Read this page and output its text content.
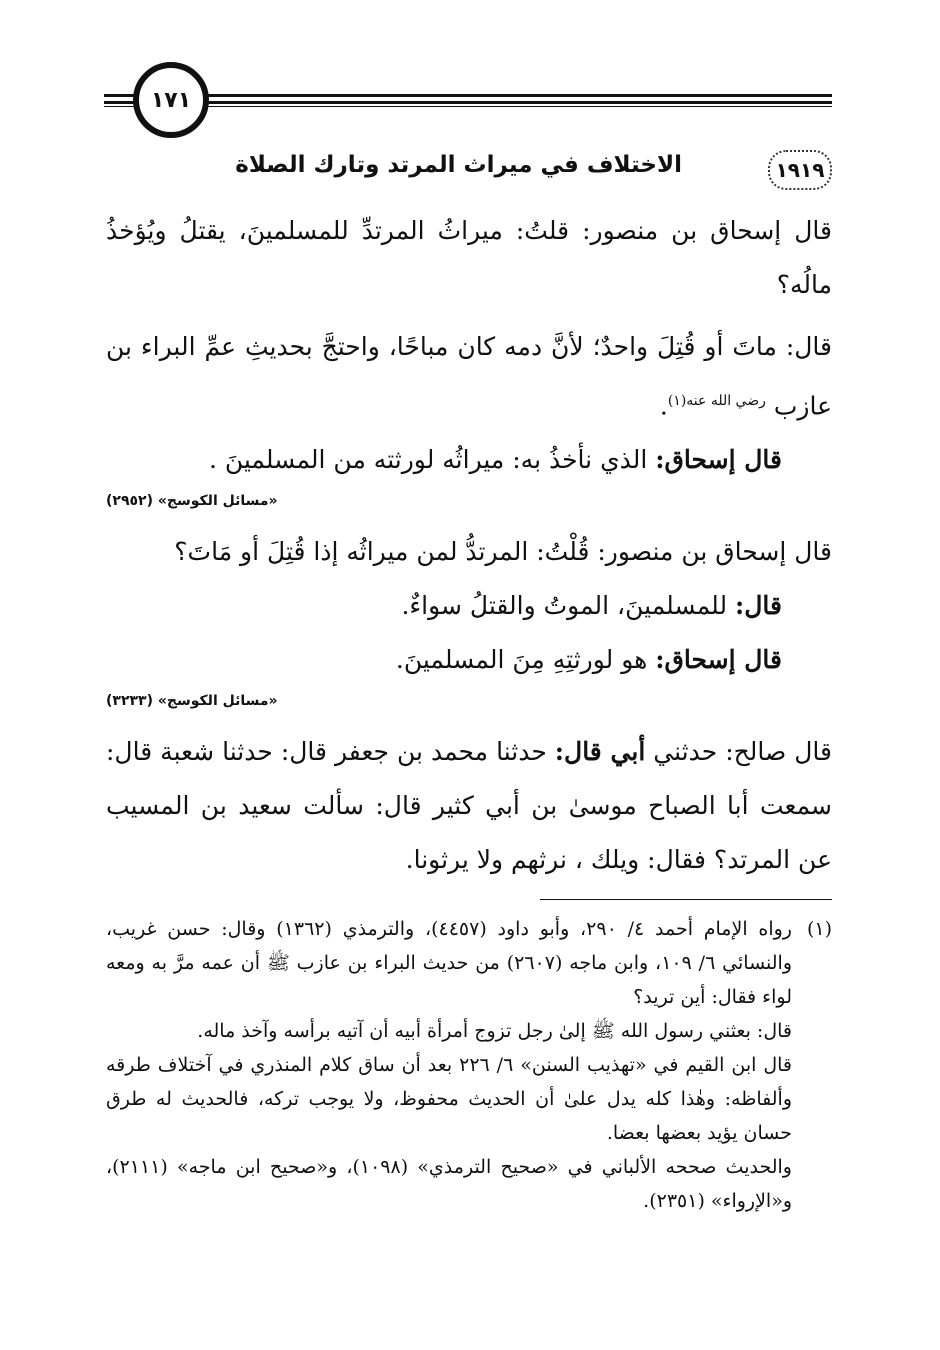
١٧١
١٩١٩
الاختلاف في ميراث المرتد وتارك الصلاة

قال إسحاق بن منصور: قلتُ: ميراثُ المرتدِّ للمسلمينَ، يقتلُ ويُؤخذُ مالُه؟

قال: ماتَ أو قُتِلَ واحدٌ؛ لأنَّ دمه كان مباحًا، واحتجَّ بحديثِ عمِّ البراء بن عازب $^{رضي الله عنه(١)}$.

قال إسحاق: الذي نأخذُ به: ميراثُه لورثته من المسلمينَ .

«مسائل الكوسج» (٢٩٥٢)

قال إسحاق بن منصور: قُلْتُ: المرتدُّ لمن ميراثُه إذا قُتِلَ أو مَاتَ؟

قال: للمسلمينَ، الموتُ والقتلُ سواءٌ.

قال إسحاق: هو لورثتِهِ مِنَ المسلمينَ.

«مسائل الكوسج» (٣٢٣٣)

قال صالح: حدثني أبي قال: حدثنا محمد بن جعفر قال: حدثنا شعبة قال: سمعت أبا الصباح موسىٰ بن أبي كثير قال: سألت سعيد بن المسيب عن المرتد؟ فقال: ويلك ، نرثهم ولا يرثونا.

(١)

رواه الإمام أحمد ٤/ ٢٩٠، وأبو داود (٤٤٥٧)، والترمذي (١٣٦٢) وقال: حسن غريب، والنسائي ٦/ ١٠٩، وابن ماجه (٢٦٠٧) من حديث البراء بن عازب ﷺ أن عمه مرَّ به ومعه لواء فقال: أين تريد؟

قال: بعثني رسول الله ﷺ إلىٰ رجل تزوج أمرأة أبيه أن آتيه برأسه وآخذ ماله.

قال ابن القيم في «تهذيب السنن» ٦/ ٢٢٦ بعد أن ساق كلام المنذري في آختلاف طرقه وألفاظه: وهٰذا كله يدل علىٰ أن الحديث محفوظ، ولا يوجب تركه، فالحديث له طرق حسان يؤيد بعضها بعضا.

والحديث صححه الألباني في «صحيح الترمذي» (١٠٩٨)، و«صحيح ابن ماجه» (٢١١١)، و«الإرواء» (٢٣٥١).
